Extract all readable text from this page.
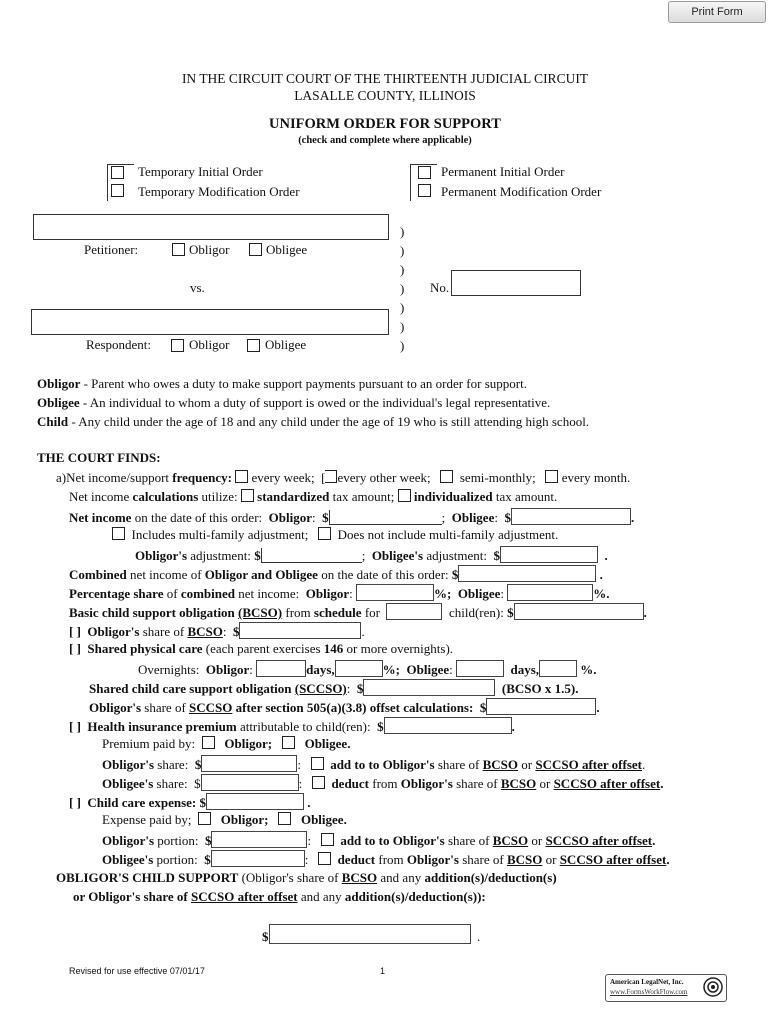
Print Form
IN THE CIRCUIT COURT OF THE THIRTEENTH JUDICIAL CIRCUIT
LASALLE COUNTY, ILLINOIS
UNIFORM ORDER FOR SUPPORT
(check and complete where applicable)
Temporary Initial Order
Temporary Modification Order
Permanent Initial Order
Permanent Modification Order
Petitioner:	Obligor	Obligee
vs.
Respondent:	Obligor	Obligee
)
)
)
)
)
)
)
No.
Obligor - Parent who owes a duty to make support payments pursuant to an order for support.
Obligee - An individual to whom a duty of support is owed or the individual's legal representative.
Child - Any child under the age of 18 and any child under the age of 19 who is still attending high school.
THE COURT FINDS:
a)Net income/support frequency: every week;  [ every other week; semi-monthly; every month.
Net income calculations utilize: standardized tax amount; individualized tax amount.
Net income on the date of this order: Obligor:  $	; Obligee:  $	.
Includes multi-family adjustment; Does not include multi-family adjustment.
Obligor's adjustment: $	;  Obligee's adjustment: $	.
Combined net income of Obligor and Obligee on the date of this order: $	.
Percentage share of combined net income: Obligor:	%; Obligee:	%.
Basic child support obligation (BCSO) from schedule for	child(ren): $	.
[ ] Obligor's share of BCSO:  $	.
[ ] Shared physical care (each parent exercises 146 or more overnights).
Overnights: Obligor:	days,	%; Obligee:	days,	%.
Shared child care support obligation (SCCSO):  $	(BCSO x 1.5).
Obligor's share of SCCSO after section 505(a)(3.8) offset calculations: $	.
[ ] Health insurance premium attributable to child(ren): $	.
Premium paid by: Obligor;	Obligee.
Obligor's share: $	:     add to to Obligor's share of BCSO or SCCSO after offset.
Obligee's share: $	:     deduct from Obligor's share of BCSO or SCCSO after offset.
[ ] Child care expense: $	.
Expense paid by; Obligor;	Obligee.
Obligor's portion: $	:     add to to Obligor's share of BCSO or SCCSO after offset.
Obligee's portion: $	:     deduct from Obligor's share of BCSO or SCCSO after offset.
OBLIGOR'S CHILD SUPPORT (Obligor's share of BCSO and any addition(s)/deduction(s)
or Obligor's share of SCCSO after offset and any addition(s)/deduction(s)):
$	.
Revised for use effective 07/01/17	1
American LegalNet, Inc.
www.FormsWorkFlow.com
